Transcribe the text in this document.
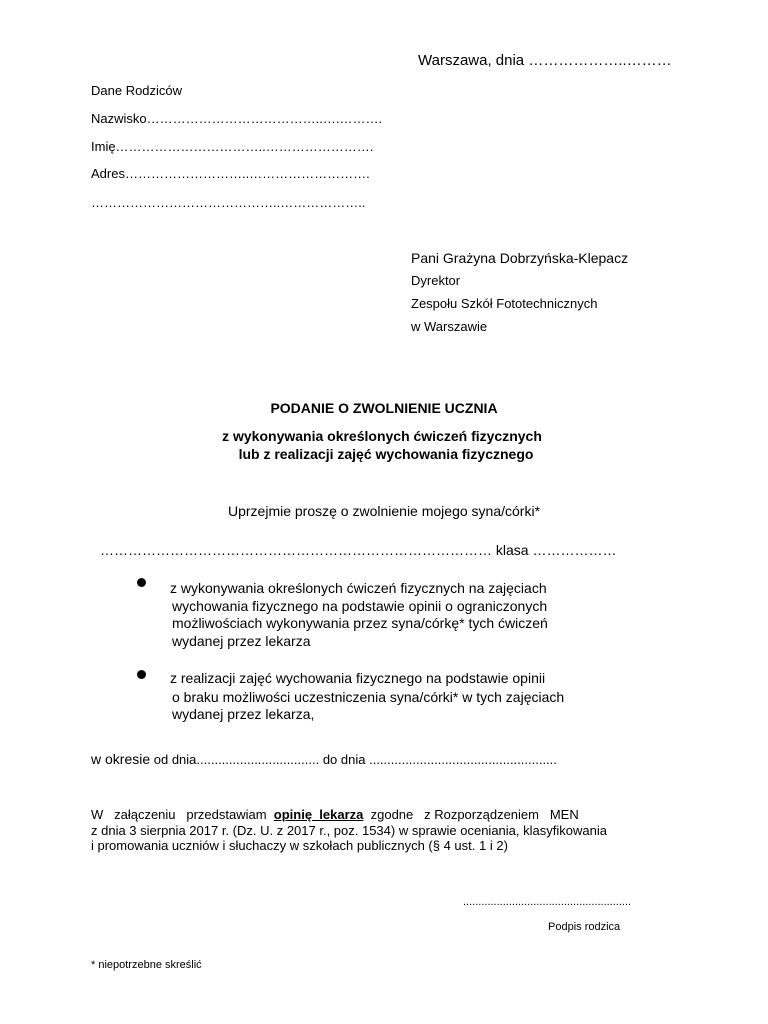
Warszawa, dnia ………………..………
Dane Rodziców
Nazwisko…………………………………..….……….
Imię……………………………..…………………….
Adres………………………..……………………….
……………………………………..………………..
Pani Grażyna Dobrzyńska-Klepacz
Dyrektor
Zespołu Szkół Fototechnicznych
w Warszawie
PODANIE O ZWOLNIENIE UCZNIA
z wykonywania określonych ćwiczeń fizycznych
lub z realizacji zajęć wychowania fizycznego
Uprzejmie proszę o zwolnienie mojego syna/córki*
………………………………………………………………………… klasa ………………
z wykonywania określonych ćwiczeń fizycznych na zajęciach
wychowania fizycznego na podstawie opinii o ograniczonych
możliwościach wykonywania przez syna/córkę* tych ćwiczeń
wydanej przez lekarza
z realizacji zajęć wychowania fizycznego na podstawie opinii
o braku możliwości uczestniczenia syna/córki* w tych zajęciach
wydanej przez lekarza,
w okresie od dnia.................................. do dnia ....................................................
W   załączeniu   przedstawiam  opinię  lekarza  zgodne   z Rozporządzeniem   MEN
z dnia 3 sierpnia 2017 r. (Dz. U. z 2017 r., poz. 1534) w sprawie oceniania, klasyfikowania
i promowania uczniów i słuchaczy w szkołach publicznych (§ 4 ust. 1 i 2)
.......................................................
Podpis rodzica
* niepotrzebne skreślić
